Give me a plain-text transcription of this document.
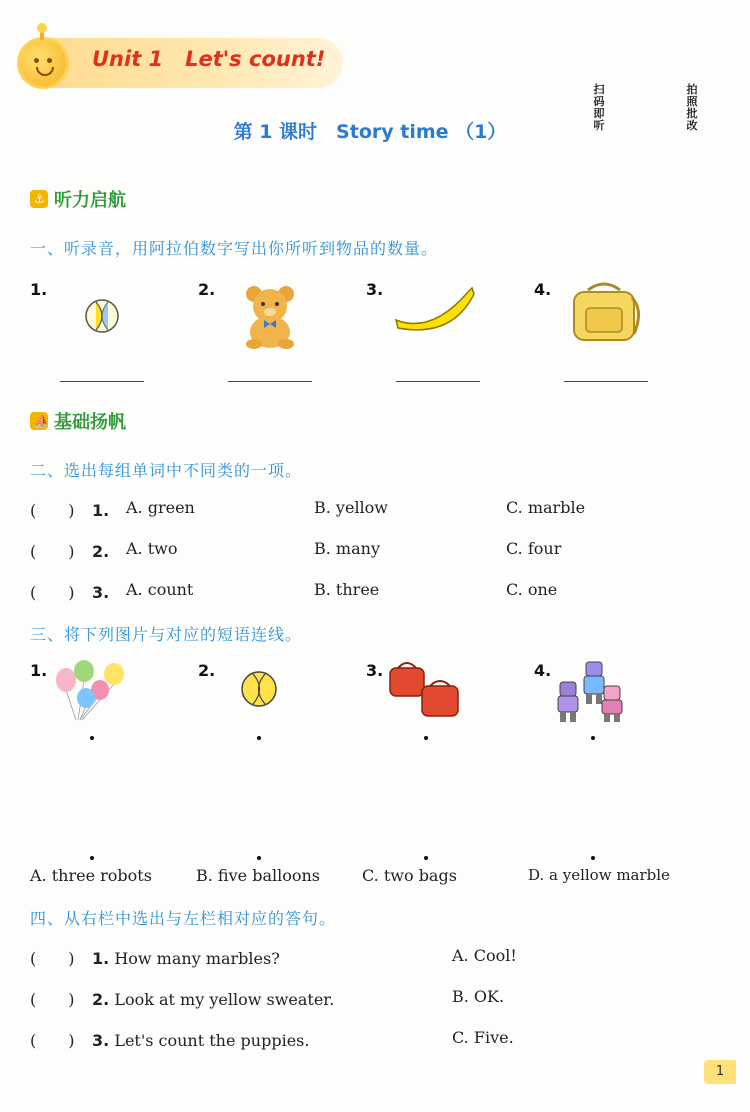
Unit 1   Let's count!
第 1 课时　Story time （1）
扫码即听
拍照批改
⚓ 听力启航
一、听录音，用阿拉伯数字写出你所听到物品的数量。
1.	2.	3.	4.
⛵ 基础扬帆
二、选出每组单词中不同类的一项。
(　　) 1. A. green	B. yellow	C. marble
(　　) 2. A. two	B. many	C. four
(　　) 3. A. count	B. three	C. one
三、将下列图片与对应的短语连线。
1.	2.	3.	4.
A. three robots	B. five balloons	C. two bags	D. a yellow marble
四、从右栏中选出与左栏相对应的答句。
(　　) 1. How many marbles?	A. Cool!
(　　) 2. Look at my yellow sweater.	B. OK.
(　　) 3. Let's count the puppies.	C. Five.
1
